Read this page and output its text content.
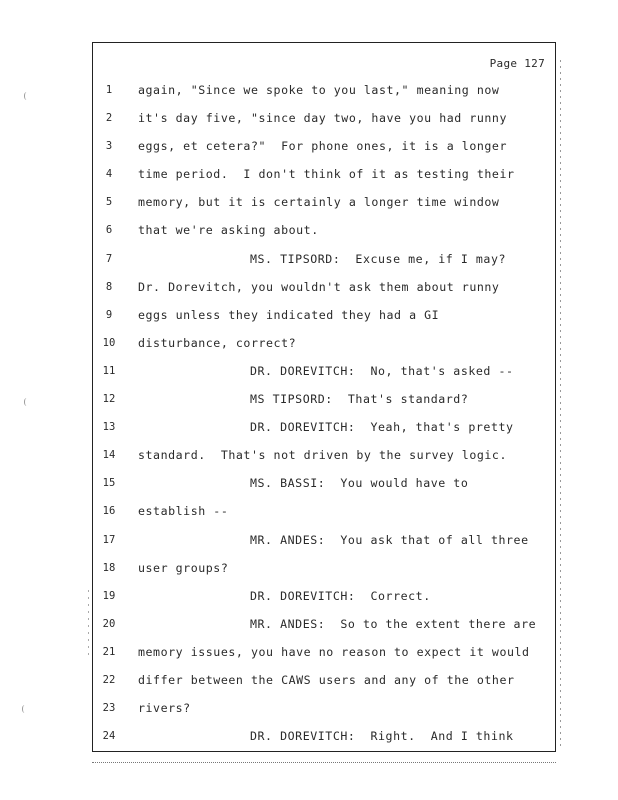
Page 127
1	again, "Since we spoke to you last," meaning now
2	it's day five, "since day two, have you had runny
3	eggs, et cetera?"  For phone ones, it is a longer
4	time period.  I don't think of it as testing their
5	memory, but it is certainly a longer time window
6	that we're asking about.
7	MS. TIPSORD:  Excuse me, if I may?
8	Dr. Dorevitch, you wouldn't ask them about runny
9	eggs unless they indicated they had a GI
10	disturbance, correct?
11	DR. DOREVITCH:  No, that's asked --
12	MS TIPSORD:  That's standard?
13	DR. DOREVITCH:  Yeah, that's pretty
14	standard.  That's not driven by the survey logic.
15	MS. BASSI:  You would have to
16	establish --
17	MR. ANDES:  You ask that of all three
18	user groups?
19	DR. DOREVITCH:  Correct.
20	MR. ANDES:  So to the extent there are
21	memory issues, you have no reason to expect it would
22	differ between the CAWS users and any of the other
23	rivers?
24	DR. DOREVITCH:  Right.  And I think
